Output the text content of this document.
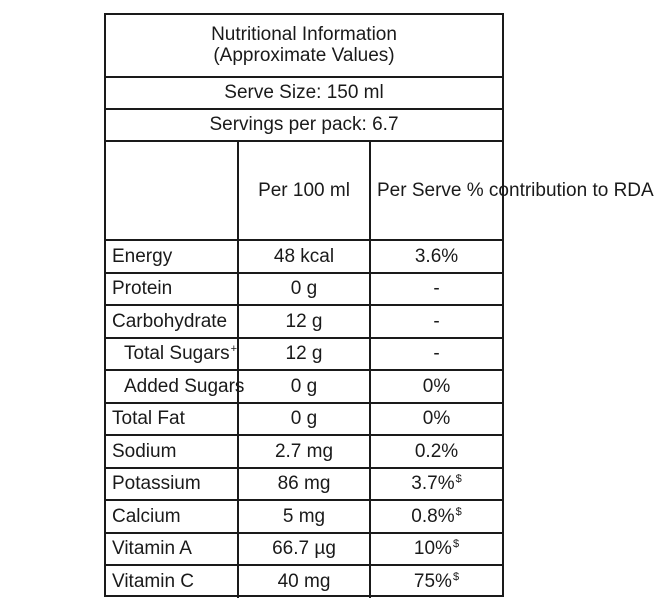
Nutritional Information
(Approximate Values)		

Serve Size: 150 ml		
Servings per pack: 6.7		
	Per 100 ml	Per Serve % contribution to RDA
Energy	48 kcal	3.6%
Protein	0 g	-
Carbohydrate	12 g	-
Total Sugars+	12 g	-
Added Sugars	0 g	0%
Total Fat	0 g	0%
Sodium	2.7 mg	0.2%
Potassium	86 mg	3.7%$
Calcium	5 mg	0.8%$
Vitamin A	66.7 µg	10%$
Vitamin C	40 mg	75%$
